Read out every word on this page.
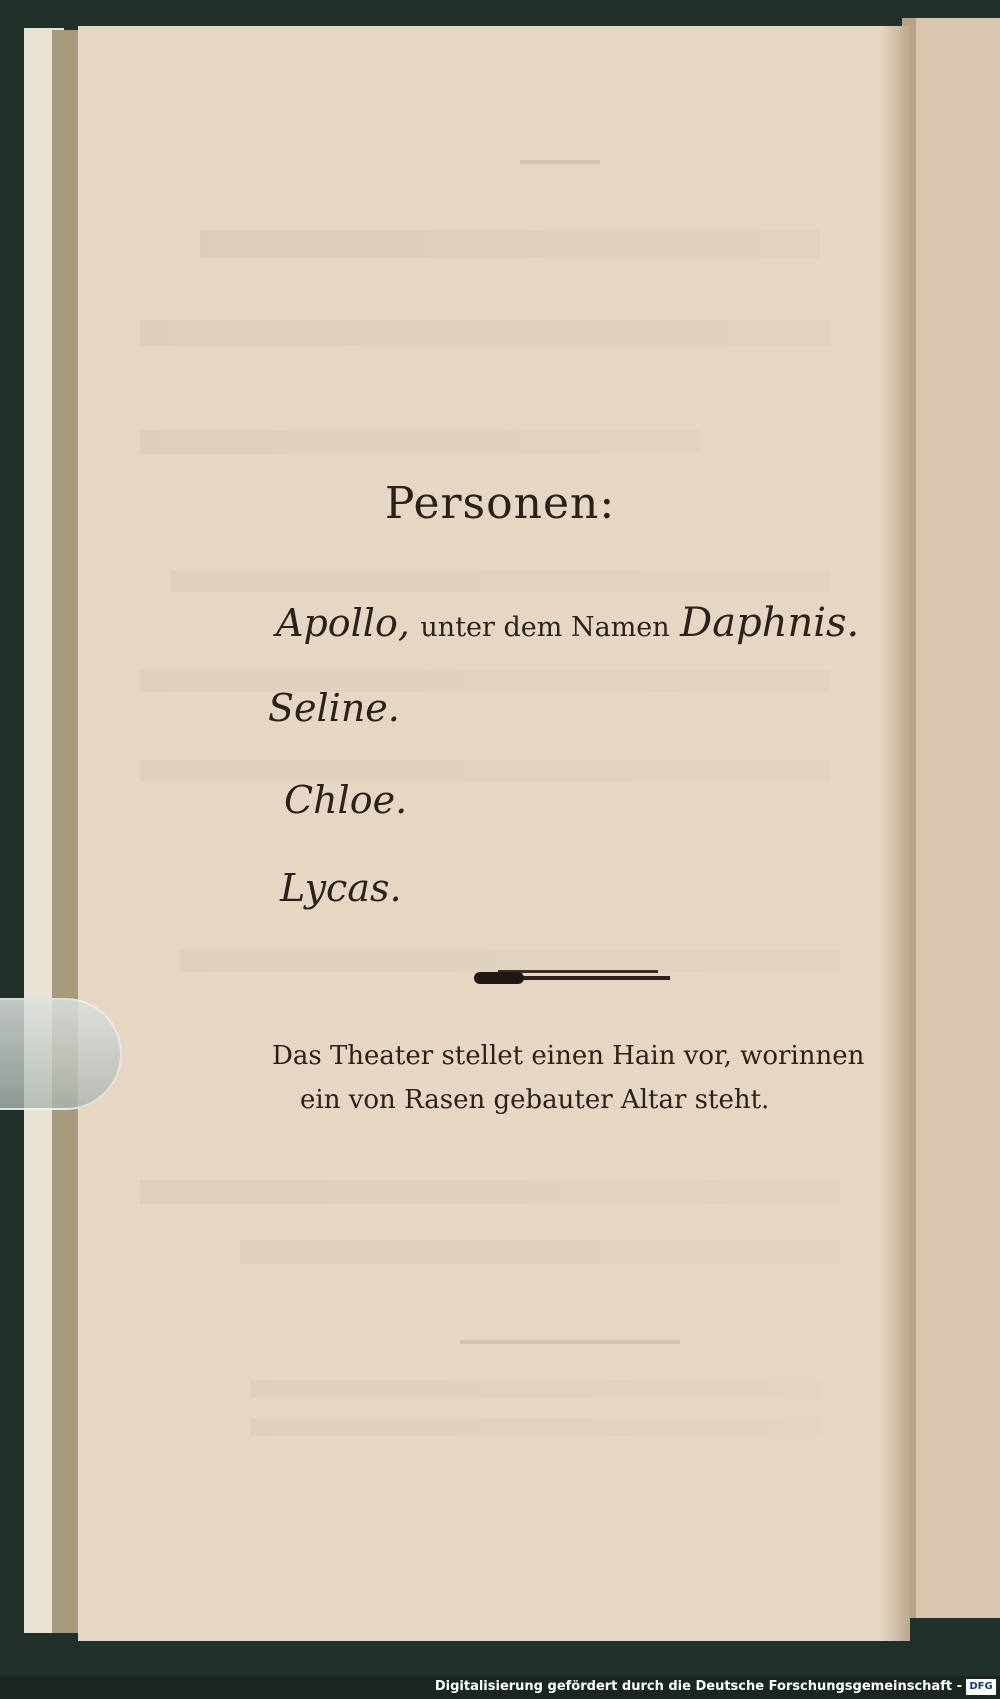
Personen:
Apollo, unter dem Namen Daphnis.
Seline.
Chloe.
Lycas.
Das Theater stellet einen Hain vor, worinnen
ein von Rasen gebauter Altar steht.
Digitalisierung gefördert durch die Deutsche Forschungsgemeinschaft - DFG
